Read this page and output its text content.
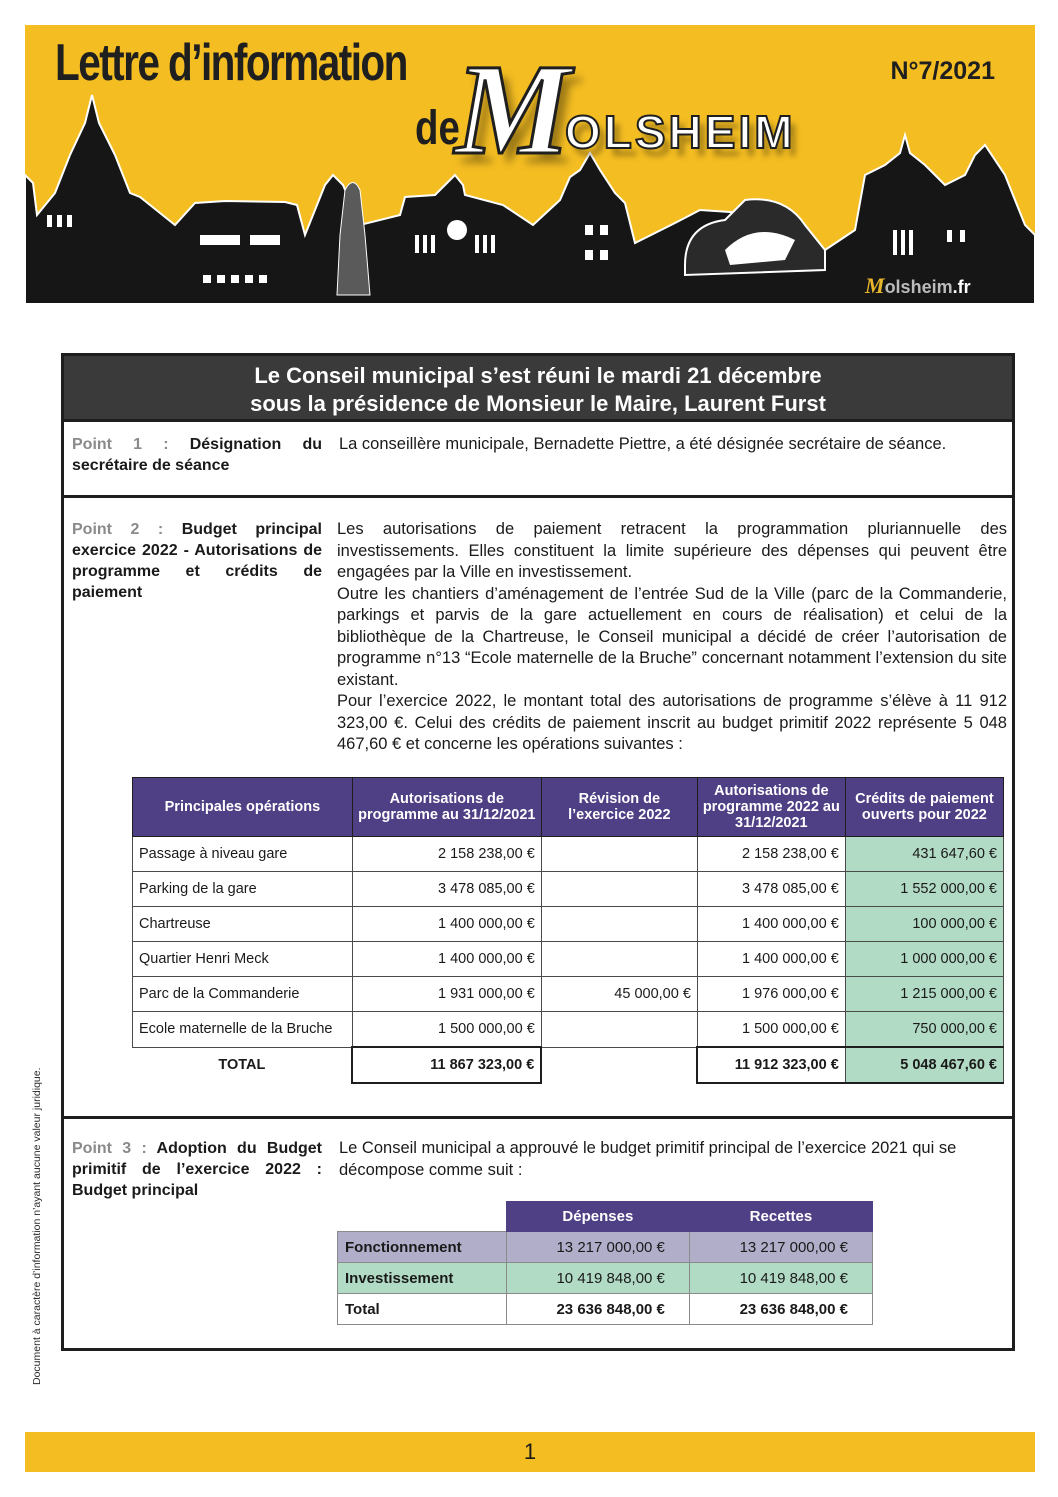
Lettre d’information
de
M
OLSHEIM
N°7/2021
Molsheim.fr
Le Conseil municipal s’est réuni le mardi 21 décembre
sous la présidence de Monsieur le Maire, Laurent Furst
Point 1 : Désignation du secrétaire de séance
La conseillère municipale, Bernadette Piettre, a été désignée secrétaire de séance.
Point 2 : Budget principal exercice 2022 - Autorisations de programme et crédits de paiement
Les autorisations de paiement retracent la programmation pluriannuelle des investissements. Elles constituent la limite supérieure des dépenses qui peuvent être engagées par la Ville en investissement.
Outre les chantiers d’aménagement de l’entrée Sud de la Ville (parc de la Commanderie, parkings et parvis de la gare actuellement en cours de réalisation) et celui de la bibliothèque de la Chartreuse, le Conseil municipal a décidé de créer l’autorisation de programme n°13 “Ecole maternelle de la Bruche” concernant notamment l’extension du site existant.
Pour l’exercice 2022, le montant total des autorisations de programme s’élève à 11 912 323,00 €. Celui des crédits de paiement inscrit au budget primitif 2022 représente 5 048 467,60 € et concerne les opérations suivantes :
Principales opérations	Autorisations de programme au 31/12/2021	Révision de l’exercice 2022	Autorisations de programme 2022 au 31/12/2021	Crédits de paiement ouverts pour 2022
Passage à niveau gare	2 158 238,00 €		2 158 238,00 €	431 647,60 €
Parking de la gare	3 478 085,00 €		3 478 085,00 €	1 552 000,00 €
Chartreuse	1 400 000,00 €		1 400 000,00 €	100 000,00 €
Quartier Henri Meck	1 400 000,00 €		1 400 000,00 €	1 000 000,00 €
Parc de la Commanderie	1 931 000,00 €	45 000,00 €	1 976 000,00 €	1 215 000,00 €
Ecole maternelle de la Bruche	1 500 000,00 €		1 500 000,00 €	750 000,00 €
TOTAL	11 867 323,00 €		11 912 323,00 €	5 048 467,60 €
Point 3 : Adoption du Budget primitif de l’exercice 2022 : Budget principal
Le Conseil municipal a approuvé le budget primitif principal de l’exercice 2021 qui se décompose comme suit :
	Dépenses	Recettes
Fonctionnement	13 217 000,00 €	13 217 000,00 €
Investissement	10 419 848,00 €	10 419 848,00 €
Total	23 636 848,00 €	23 636 848,00 €
Document à caractère d’information n’ayant aucune valeur juridique.
1
